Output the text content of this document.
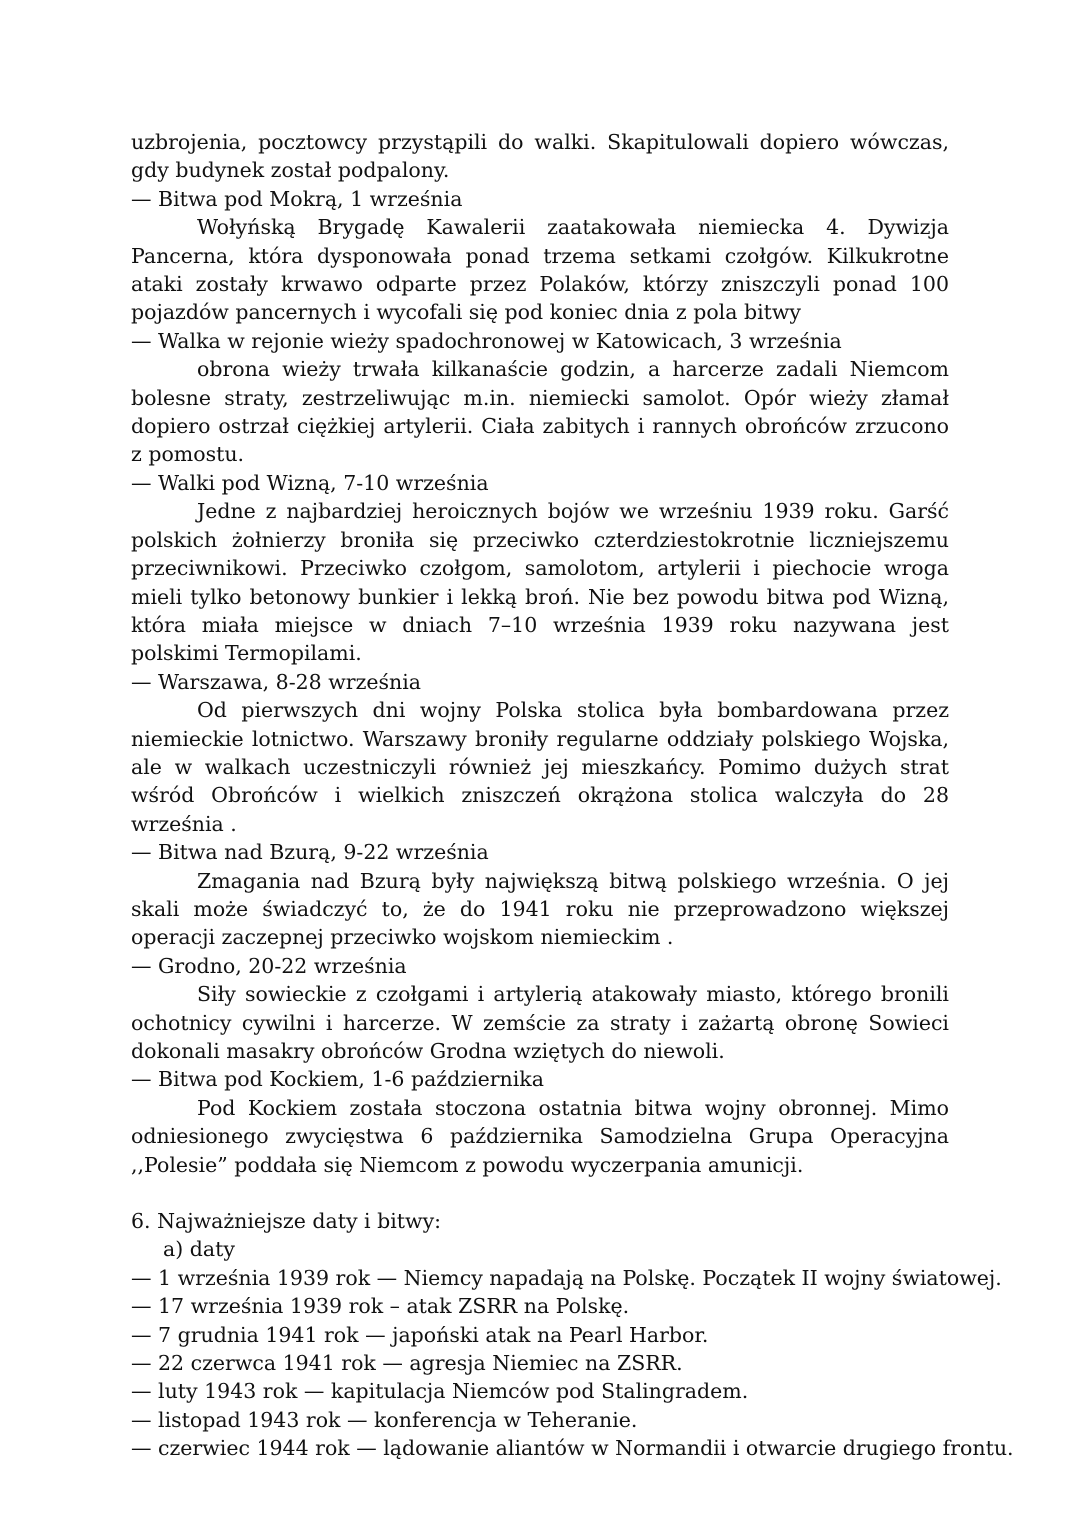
uzbrojenia, pocztowcy przystąpili do walki. Skapitulowali dopiero wówczas, gdy budynek został podpalony.

— Bitwa pod Mokrą, 1 września

Wołyńską Brygadę Kawalerii zaatakowała niemiecka 4. Dywizja Pancerna, która dysponowała ponad trzema setkami czołgów. Kilkukrotne ataki zostały krwawo odparte przez Polaków, którzy zniszczyli ponad 100 pojazdów pancernych i wycofali się pod koniec dnia z pola bitwy

— Walka w rejonie wieży spadochronowej w Katowicach, 3 września

obrona wieży trwała kilkanaście godzin, a harcerze zadali Niemcom bolesne straty, zestrzeliwując m.in. niemiecki samolot. Opór wieży złamał dopiero ostrzał ciężkiej artylerii. Ciała zabitych i rannych obrońców zrzucono z pomostu.

— Walki pod Wizną, 7-10 września

Jedne z najbardziej heroicznych bojów we wrześniu 1939 roku. Garść polskich żołnierzy broniła się przeciwko czterdziestokrotnie liczniejszemu przeciwnikowi. Przeciwko czołgom, samolotom, artylerii i piechocie wroga mieli tylko betonowy bunkier i lekką broń. Nie bez powodu bitwa pod Wizną, która miała miejsce w dniach 7–10 września 1939 roku nazywana jest polskimi Termopilami.

— Warszawa, 8-28 września

Od pierwszych dni wojny Polska stolica była bombardowana przez niemieckie lotnictwo. Warszawy broniły regularne oddziały polskiego Wojska, ale w walkach uczestniczyli również jej mieszkańcy. Pomimo dużych strat wśród Obrońców i wielkich zniszczeń okrążona stolica walczyła do 28 września .

— Bitwa nad Bzurą, 9-22 września

Zmagania nad Bzurą były największą bitwą polskiego września. O jej skali może świadczyć to, że do 1941 roku nie przeprowadzono większej operacji zaczepnej przeciwko wojskom niemieckim .

— Grodno, 20-22 września

Siły sowieckie z czołgami i artylerią atakowały miasto, którego bronili ochotnicy cywilni i harcerze. W zemście za straty i zażartą obronę Sowieci dokonali masakry obrońców Grodna wziętych do niewoli.

— Bitwa pod Kockiem, 1-6 października

Pod Kockiem została stoczona ostatnia bitwa wojny obronnej. Mimo odniesionego zwycięstwa 6 października Samodzielna Grupa Operacyjna ,,Polesie” poddała się Niemcom z powodu wyczerpania amunicji.

6. Najważniejsze daty i bitwy:

a) daty

— 1 września 1939 rok — Niemcy napadają na Polskę. Początek II wojny światowej.

— 17 września 1939 rok – atak ZSRR na Polskę.

— 7 grudnia 1941 rok — japoński atak na Pearl Harbor.

— 22 czerwca 1941 rok — agresja Niemiec na ZSRR.

— luty 1943 rok — kapitulacja Niemców pod Stalingradem.

— listopad 1943 rok — konferencja w Teheranie.

— czerwiec 1944 rok — lądowanie aliantów w Normandii i otwarcie drugiego frontu.
